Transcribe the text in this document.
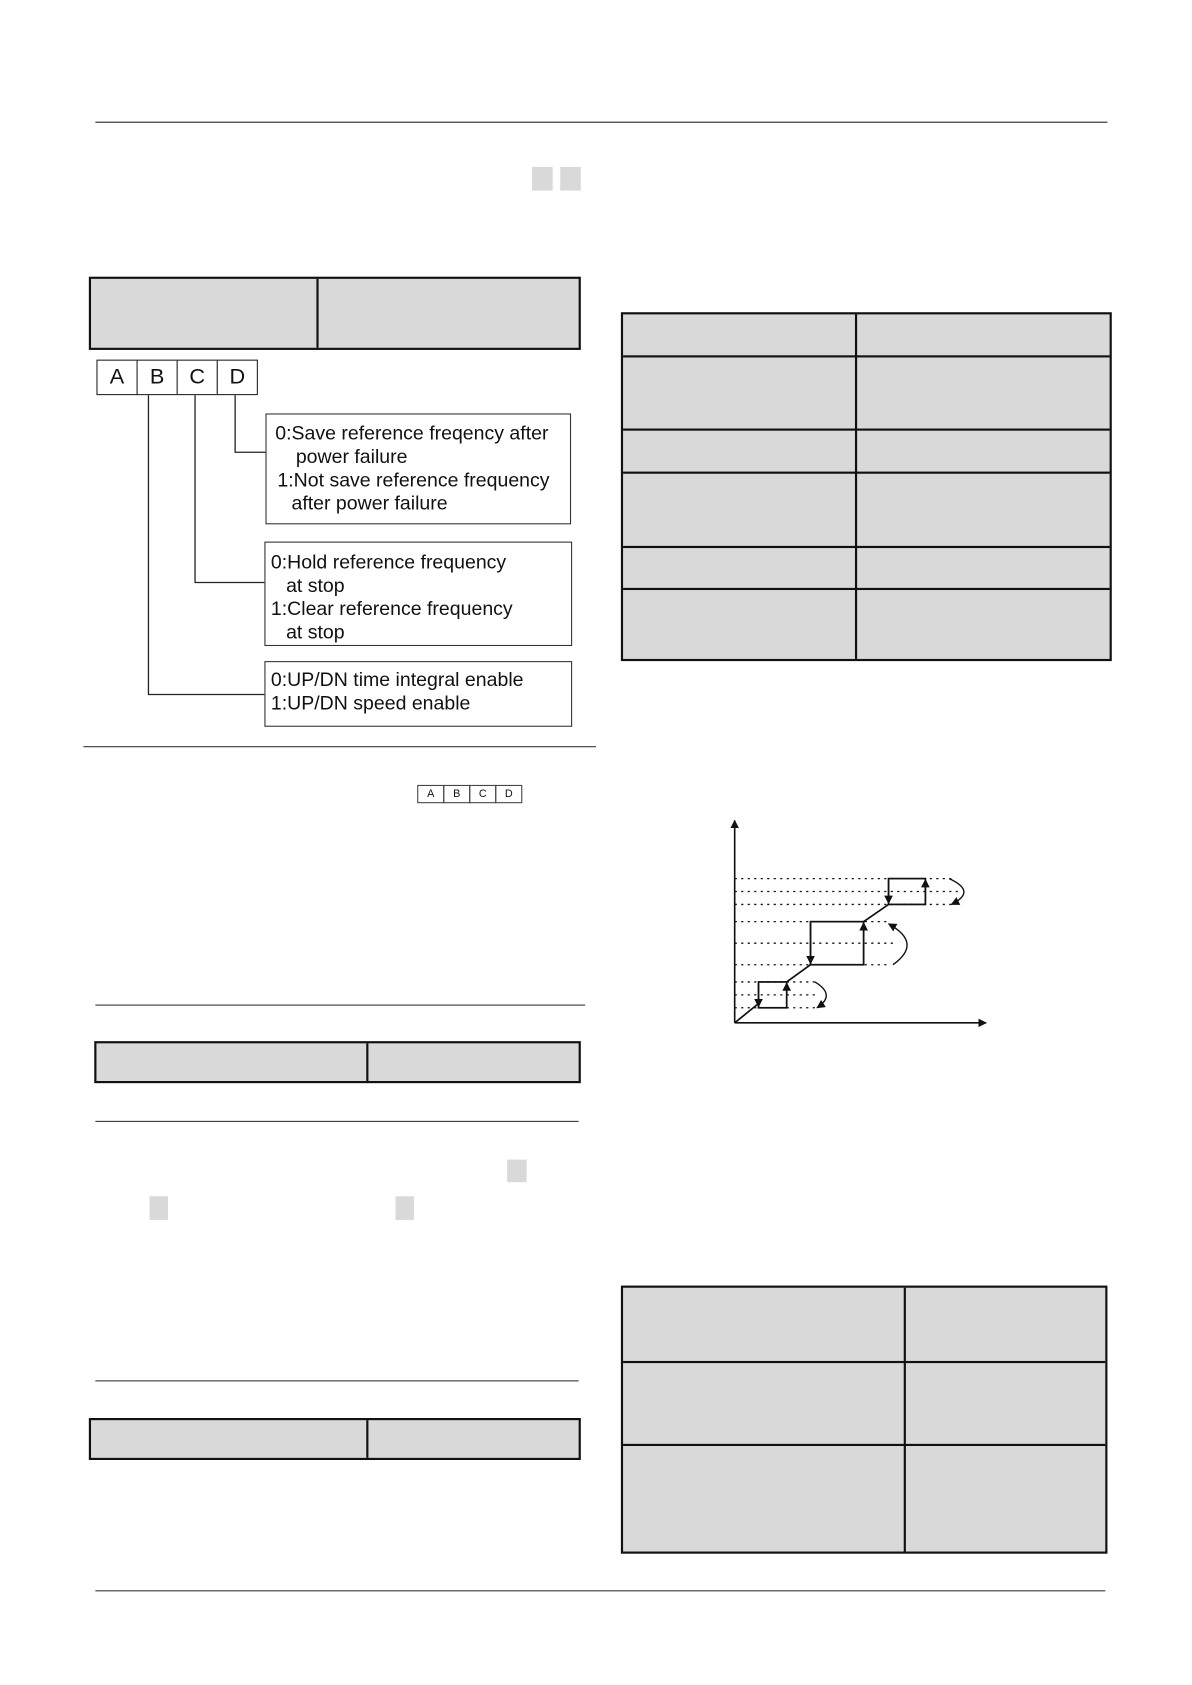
A	B	C	D
0:Save reference freqency after
power failure
1:Not save reference frequency
after power failure
0:Hold reference frequency
at stop
1:Clear reference frequency
at stop
0:UP/DN time integral enable
1:UP/DN speed enable
A	B	C	D
